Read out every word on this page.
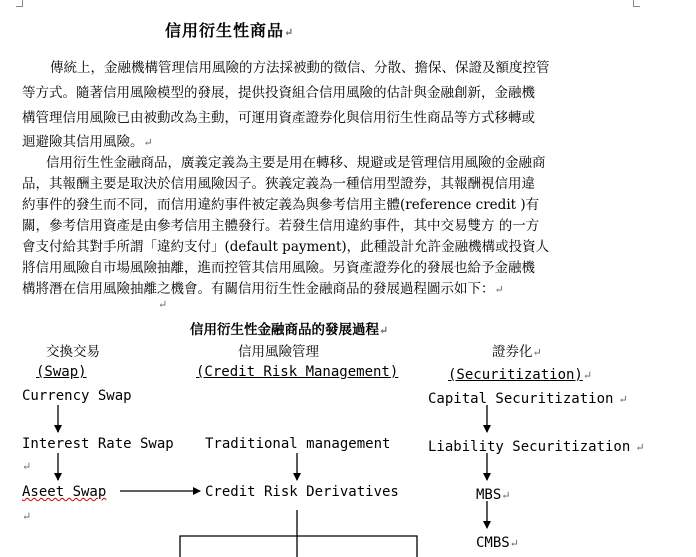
信用衍生性商品↵
傳統上，金融機構管理信用風險的方法採被動的徵信、分散、擔保、保證及額度控管
等方式。隨著信用風險模型的發展，提供投資組合信用風險的估計與金融創新，金融機
構管理信用風險已由被動改為主動，可運用資產證券化與信用衍生性商品等方式移轉或
迴避險其信用風險。↵
信用衍生性金融商品，廣義定義為主要是用在轉移、規避或是管理信用風險的金融商
品，其報酬主要是取決於信用風險因子。狹義定義為一種信用型證券，其報酬視信用違
約事件的發生而不同，而信用違約事件被定義為與參考信用主體(reference credit )有
關，參考信用資產是由參考信用主體發行。若發生信用違約事件，其中交易雙方 的一方
會支付給其對手所謂「違約支付」(default payment)，此種設計允許金融機構或投資人
將信用風險自市場風險抽離，進而控管其信用風險。另資產證券化的發展也給予金融機
構將潛在信用風險抽離之機會。有關信用衍生性金融商品的發展過程圖示如下：↵
↵
信用衍生性金融商品的發展過程↵
交換交易	信用風險管理	證券化↵
(Swap)	(Credit Risk Management)	(Securitization)↵
Currency Swap
Interest Rate Swap
Aseet Swap
Traditional management
Credit Risk Derivatives
Capital Securitization ↵
Liability Securitization ↵
MBS↵
CMBS↵
↵
↵
